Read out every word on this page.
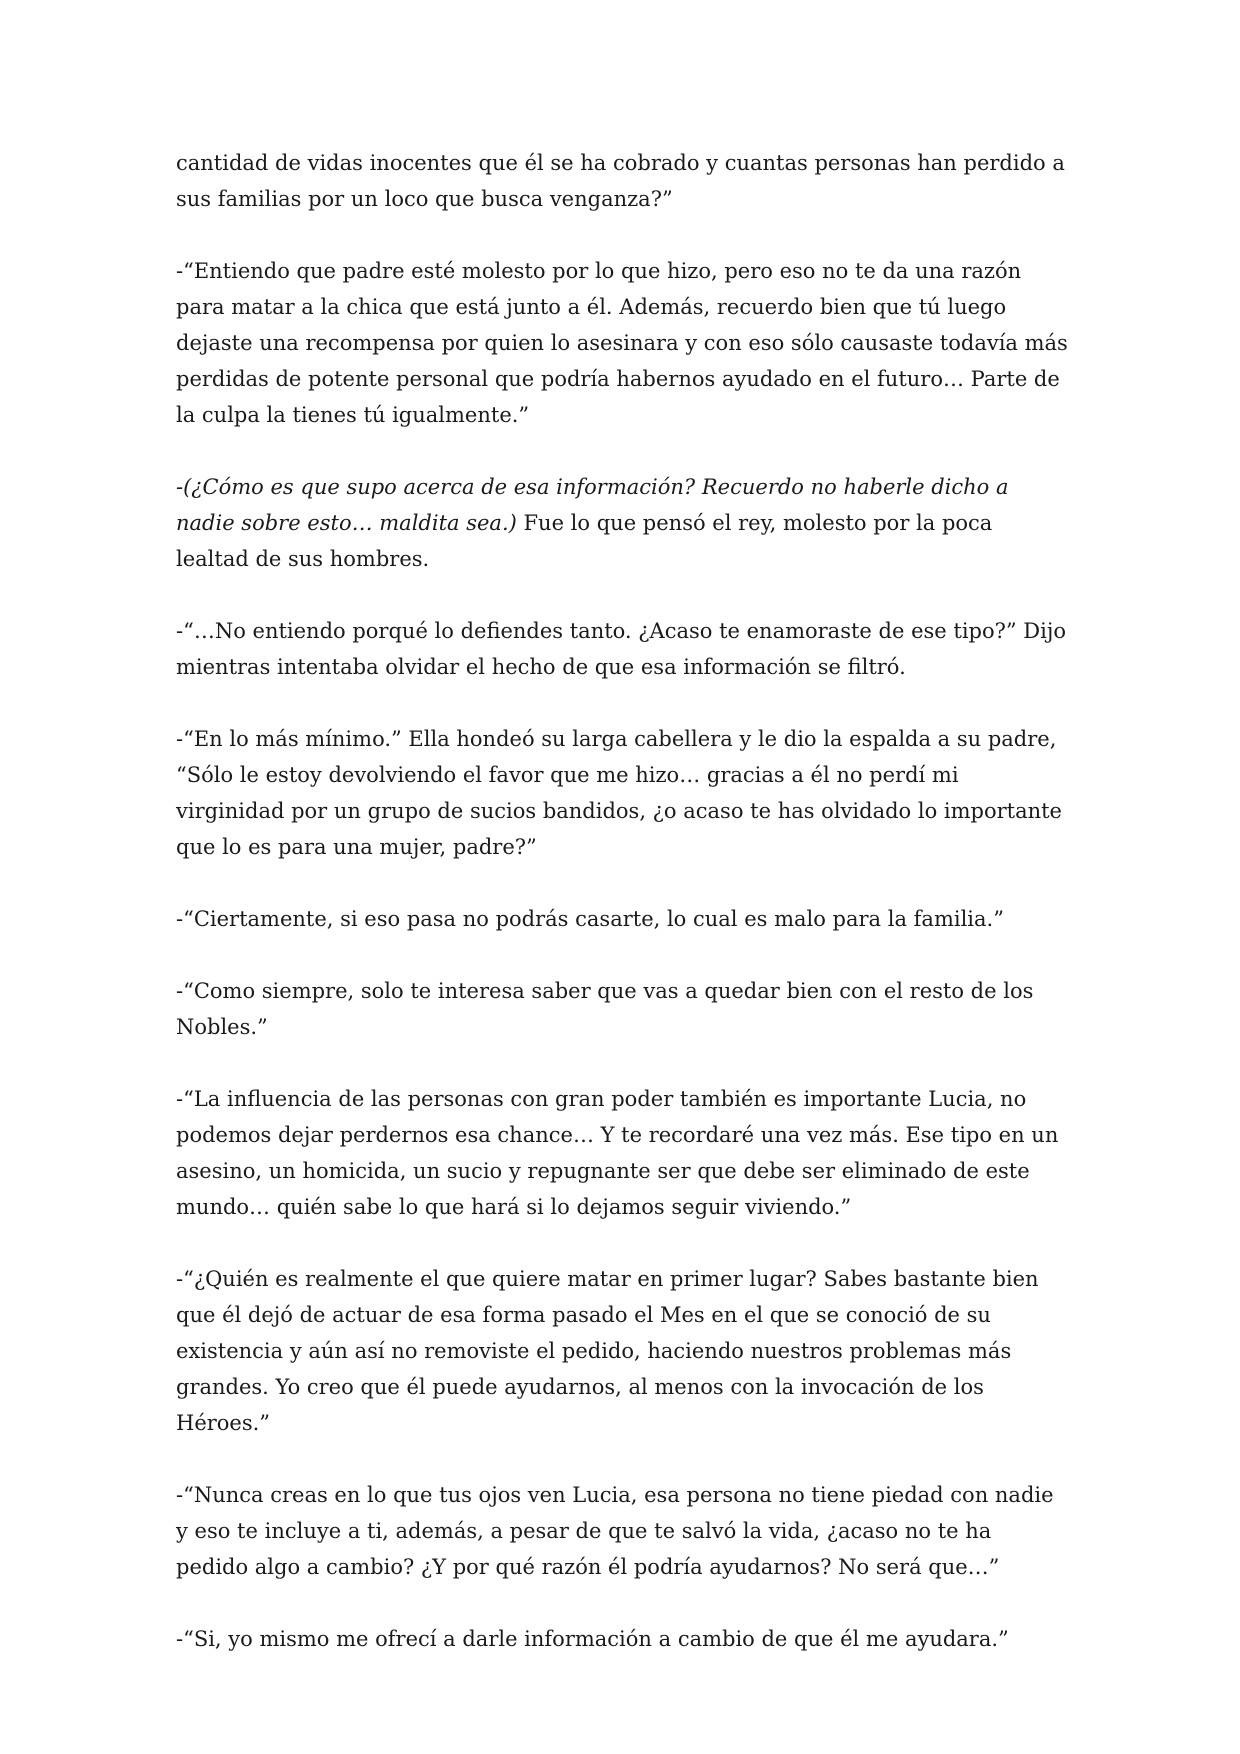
cantidad de vidas inocentes que él se ha cobrado y cuantas personas han perdido a sus familias por un loco que busca venganza?”

-“Entiendo que padre esté molesto por lo que hizo, pero eso no te da una razón para matar a la chica que está junto a él. Además, recuerdo bien que tú luego dejaste una recompensa por quien lo asesinara y con eso sólo causaste todavía más perdidas de potente personal que podría habernos ayudado en el futuro… Parte de la culpa la tienes tú igualmente.”

-(¿Cómo es que supo acerca de esa información? Recuerdo no haberle dicho a nadie sobre esto… maldita sea.) Fue lo que pensó el rey, molesto por la poca lealtad de sus hombres.

-“…No entiendo porqué lo defiendes tanto. ¿Acaso te enamoraste de ese tipo?” Dijo mientras intentaba olvidar el hecho de que esa información se filtró.

-“En lo más mínimo.” Ella hondeó su larga cabellera y le dio la espalda a su padre, “Sólo le estoy devolviendo el favor que me hizo… gracias a él no perdí mi virginidad por un grupo de sucios bandidos, ¿o acaso te has olvidado lo importante que lo es para una mujer, padre?”

-“Ciertamente, si eso pasa no podrás casarte, lo cual es malo para la familia.”

-“Como siempre, solo te interesa saber que vas a quedar bien con el resto de los Nobles.”

-“La influencia de las personas con gran poder también es importante Lucia, no podemos dejar perdernos esa chance… Y te recordaré una vez más. Ese tipo en un asesino, un homicida, un sucio y repugnante ser que debe ser eliminado de este mundo… quién sabe lo que hará si lo dejamos seguir viviendo.”

-“¿Quién es realmente el que quiere matar en primer lugar? Sabes bastante bien que él dejó de actuar de esa forma pasado el Mes en el que se conoció de su existencia y aún así no removiste el pedido, haciendo nuestros problemas más grandes. Yo creo que él puede ayudarnos, al menos con la invocación de los Héroes.”

-“Nunca creas en lo que tus ojos ven Lucia, esa persona no tiene piedad con nadie y eso te incluye a ti, además, a pesar de que te salvó la vida, ¿acaso no te ha pedido algo a cambio? ¿Y por qué razón él podría ayudarnos? No será que…”

-“Si, yo mismo me ofrecí a darle información a cambio de que él me ayudara.”
